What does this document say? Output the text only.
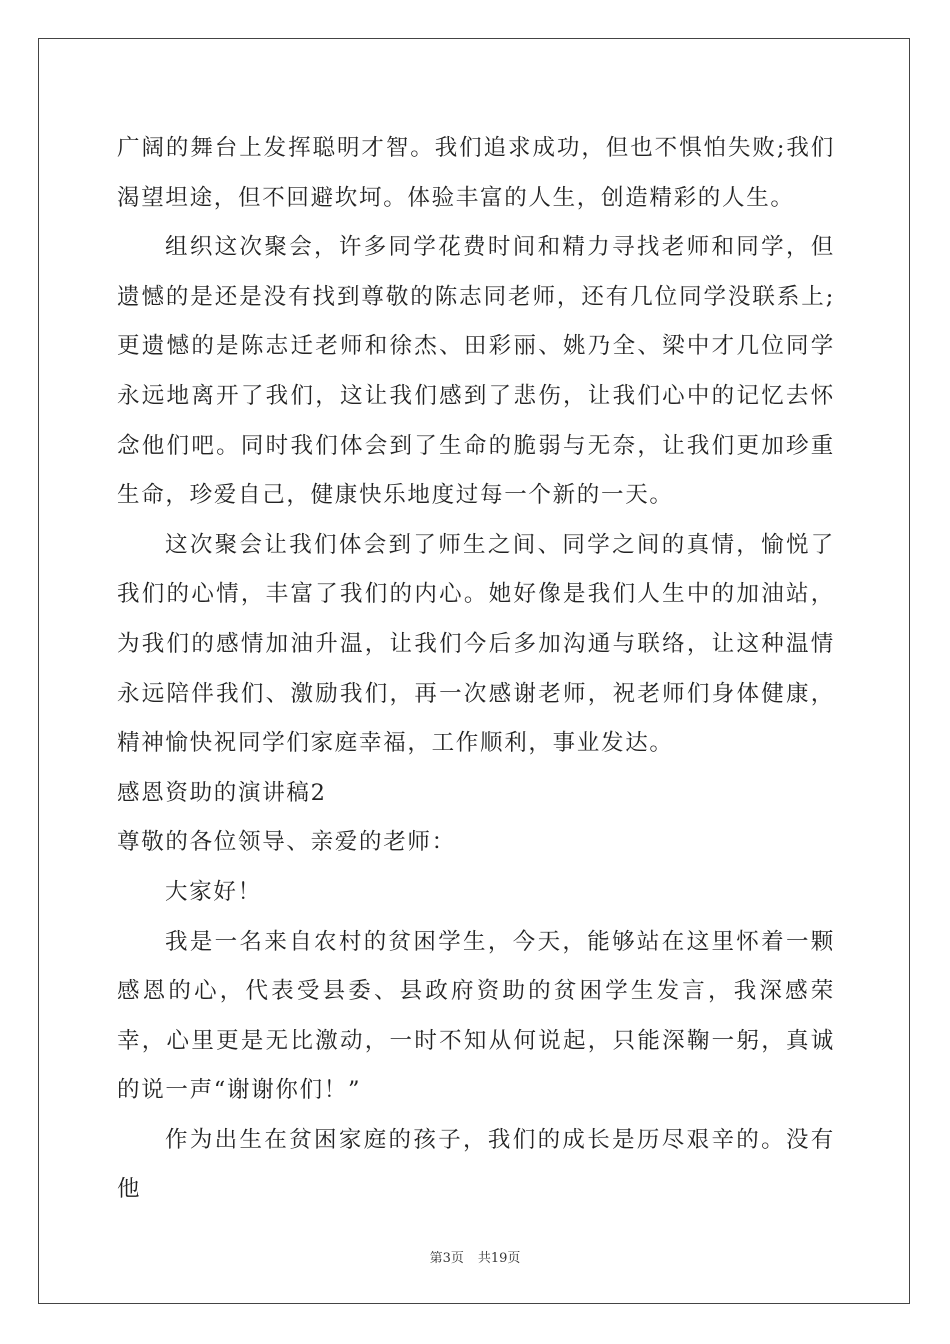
广阔的舞台上发挥聪明才智。我们追求成功，但也不惧怕失败;我们渴望坦途，但不回避坎坷。体验丰富的人生，创造精彩的人生。

组织这次聚会，许多同学花费时间和精力寻找老师和同学，但遗憾的是还是没有找到尊敬的陈志同老师，还有几位同学没联系上;更遗憾的是陈志迁老师和徐杰、田彩丽、姚乃全、梁中才几位同学永远地离开了我们，这让我们感到了悲伤，让我们心中的记忆去怀念他们吧。同时我们体会到了生命的脆弱与无奈，让我们更加珍重生命，珍爱自己，健康快乐地度过每一个新的一天。

这次聚会让我们体会到了师生之间、同学之间的真情，愉悦了我们的心情，丰富了我们的内心。她好像是我们人生中的加油站，为我们的感情加油升温，让我们今后多加沟通与联络，让这种温情永远陪伴我们、激励我们，再一次感谢老师，祝老师们身体健康，精神愉快祝同学们家庭幸福，工作顺利，事业发达。

感恩资助的演讲稿2

尊敬的各位领导、亲爱的老师：

大家好！

我是一名来自农村的贫困学生，今天，能够站在这里怀着一颗感恩的心，代表受县委、县政府资助的贫困学生发言，我深感荣幸，心里更是无比激动，一时不知从何说起，只能深鞠一躬，真诚的说一声“谢谢你们！”

作为出生在贫困家庭的孩子，我们的成长是历尽艰辛的。没有他

第3页 共19页
